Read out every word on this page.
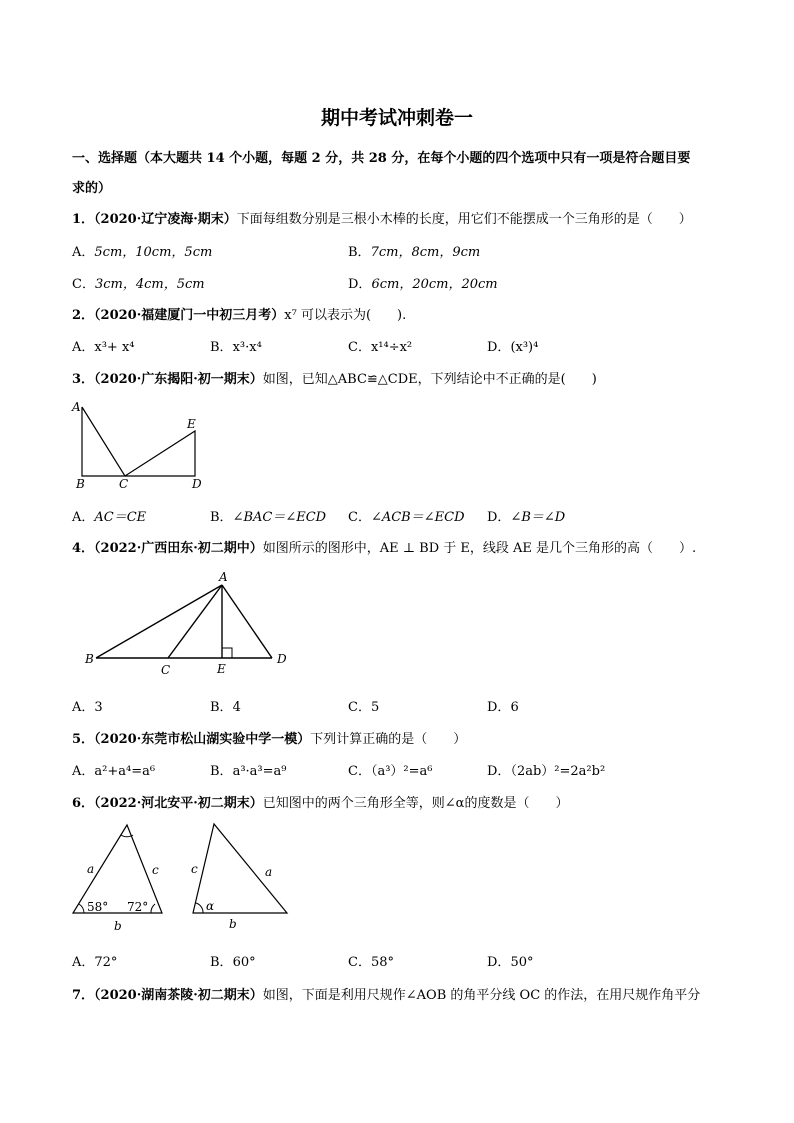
期中考试冲刺卷一
一、选择题（本大题共 14 个小题，每题 2 分，共 28 分，在每个小题的四个选项中只有一项是符合题目要
求的）
1．（2020·辽宁凌海·期末）下面每组数分别是三根小木棒的长度，用它们不能摆成一个三角形的是（　　）
A．5cm，10cm，5cm	B．7cm，8cm，9cm
C．3cm，4cm，5cm	D．6cm，20cm，20cm
2．（2020·福建厦门一中初三月考）x⁷ 可以表示为(　　).
A．x³+ x⁴	B．x³·x⁴	C．x¹⁴÷x²	D．(x³)⁴
3．（2020·广东揭阳·初一期末）如图，已知△ABC≌△CDE，下列结论中不正确的是(　　)
A
E
B	C	D
A．AC＝CE	B．∠BAC＝∠ECD C．∠ACB＝∠ECD D．∠B＝∠D
4．（2022·广西田东·初二期中）如图所示的图形中，AE ⊥ BD 于 E，线段 AE 是几个三角形的高（　　）.
A
B
C	E
D
A．3	B．4	C．5	D．6
5．（2020·东莞市松山湖实验中学一模）下列计算正确的是（　　）
A．a²+a⁴=a⁶	B．a³·a³=a⁹	C．（a³）²=a⁶	D．（2ab）²=2a²b²
6．（2022·河北安平·初二期末）已知图中的两个三角形全等，则∠α的度数是（　　）
a	c
58° 72°
b
c	a
α
b
A．72°	B．60°	C．58°	D．50°
7．（2020·湖南茶陵·初二期末）如图，下面是利用尺规作∠AOB 的角平分线 OC 的作法，在用尺规作角平分
